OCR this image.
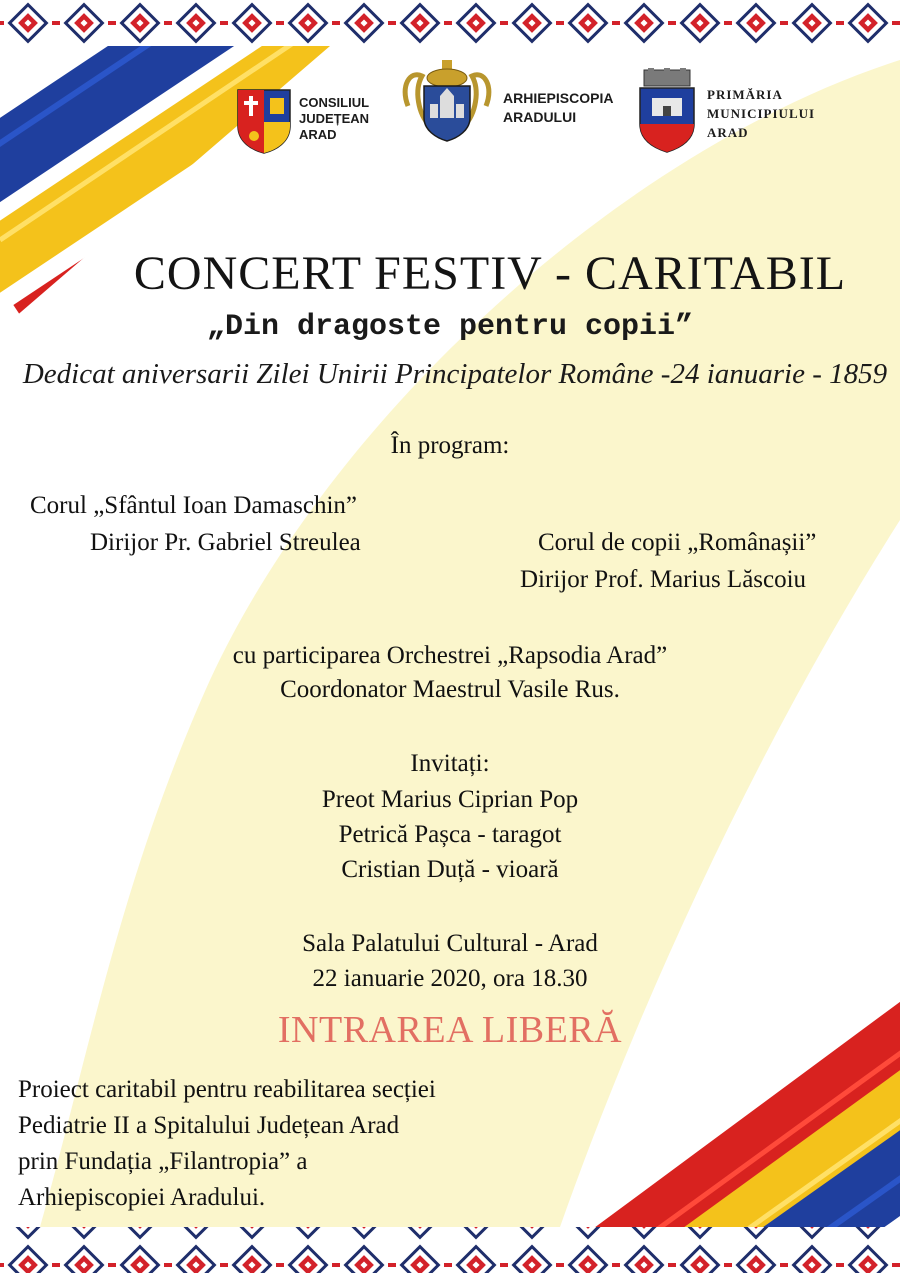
CONSILIUL
JUDEȚEAN
ARAD
ARHIEPISCOPIA
ARADULUI
PRIMĂRIA
MUNICIPIULUI
ARAD
CONCERT FESTIV - CARITABIL
„Din dragoste pentru copii”
Dedicat aniversarii Zilei Unirii Principatelor Române -24 ianuarie - 1859
În program:
Corul „Sfântul Ioan Damaschin”
Dirijor Pr. Gabriel Streulea	Corul de copii „Românașii”
Dirijor Prof. Marius Lăscoiu
cu participarea Orchestrei „Rapsodia Arad”
Coordonator Maestrul Vasile Rus.
Invitați:
Preot Marius Ciprian Pop
Petrică Pașca - taragot
Cristian Duță - vioară
Sala Palatului Cultural - Arad
22 ianuarie 2020, ora 18.30
INTRAREA LIBERĂ
Proiect caritabil pentru reabilitarea secției
Pediatrie II a Spitalului Județean Arad
prin Fundația „Filantropia” a
Arhiepiscopiei Aradului.
